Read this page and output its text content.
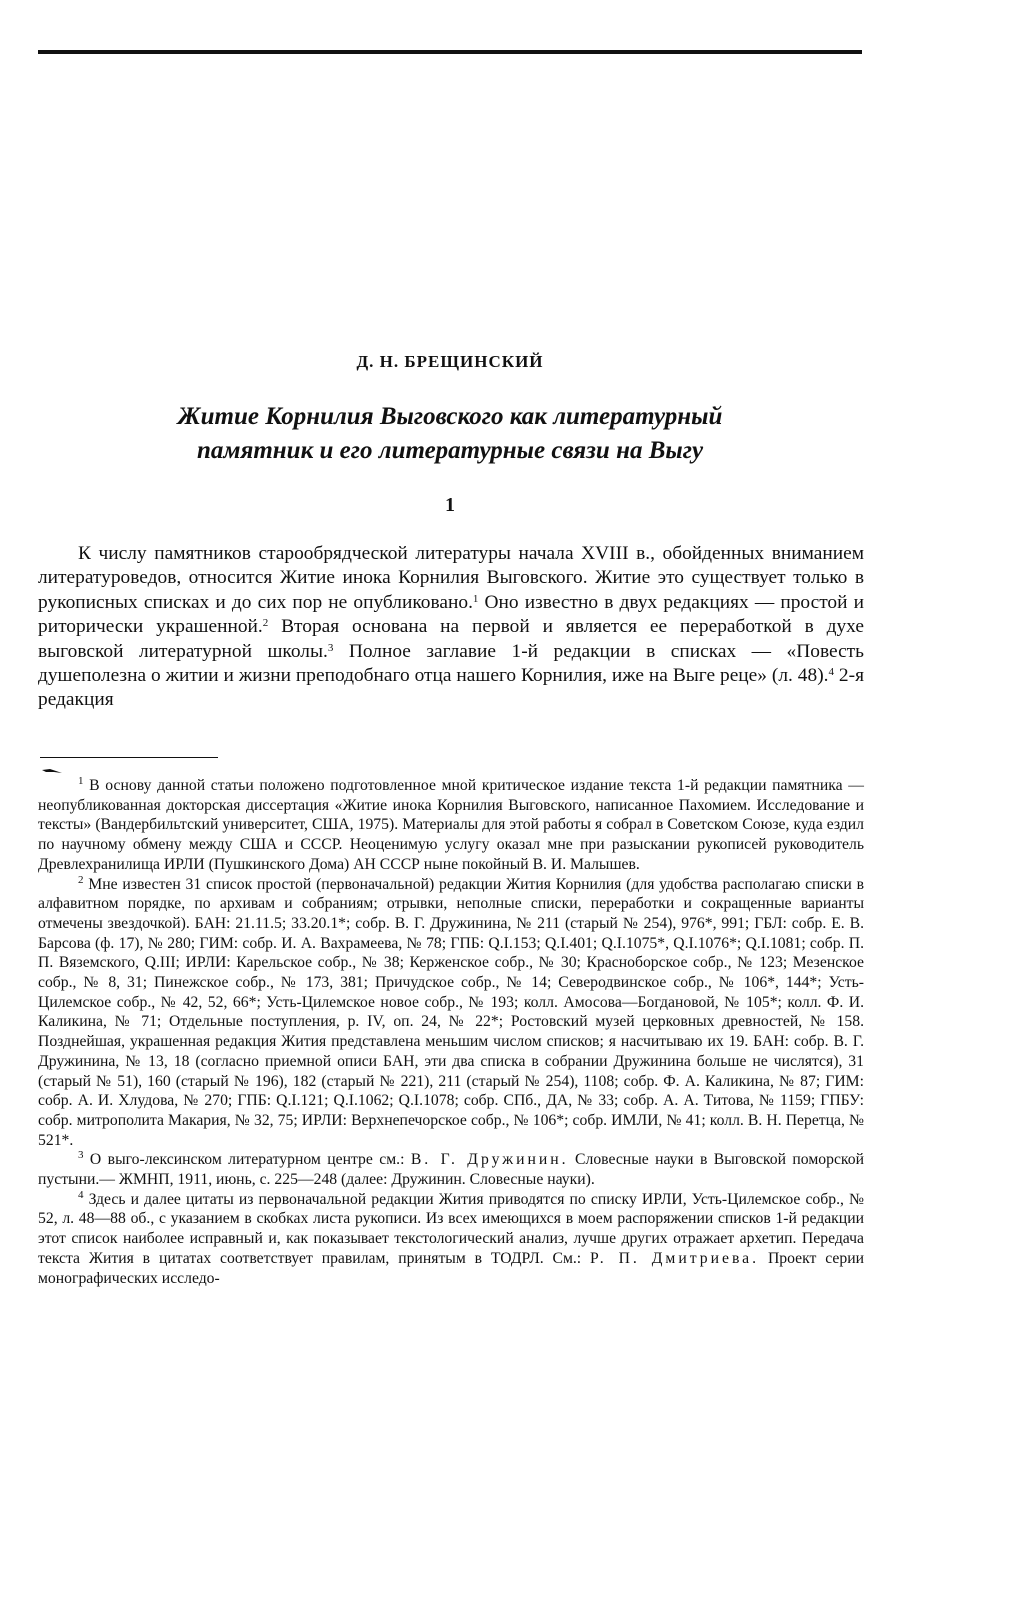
Д. Н. БРЕЩИНСКИЙ
Житие Корнилия Выговского как литературный
памятник и его литературные связи на Выгу
1

К числу памятников старообрядческой литературы начала XVIII в., обойденных вниманием литературоведов, относится Житие инока Корнилия Выговского. Житие это существует только в рукописных списках и до сих пор не опубликовано.$^1$ Оно известно в двух редакциях — простой и риторически украшенной.$^2$ Вторая основана на первой и является ее переработкой в духе выговской литературной школы.$^3$ Полное заглавие 1-й редакции в списках — «Повесть душеполезна о житии и жизни преподобнаго отца нашего Корнилия, иже на Выге реце» (л. 48).$^4$ 2-я редакция

$^1$ В основу данной статьи положено подготовленное мной критическое издание текста 1-й редакции памятника — неопубликованная докторская диссертация «Житие инока Корнилия Выговского, написанное Пахомием. Исследование и тексты» (Вандербильтский университет, США, 1975). Материалы для этой работы я собрал в Советском Союзе, куда ездил по научному обмену между США и СССР. Неоценимую услугу оказал мне при разыскании рукописей руководитель Древлехранилища ИРЛИ (Пушкинского Дома) АН СССР ныне покойный В. И. Малышев.

$^2$ Мне известен 31 список простой (первоначальной) редакции Жития Корнилия (для удобства располагаю списки в алфавитном порядке, по архивам и собраниям; отрывки, неполные списки, переработки и сокращенные варианты отмечены звездочкой). БАН: 21.11.5; 33.20.1*; собр. В. Г. Дружинина, № 211 (старый № 254), 976*, 991; ГБЛ: собр. Е. В. Барсова (ф. 17), № 280; ГИМ: собр. И. А. Вахрамеева, № 78; ГПБ: Q.I.153; Q.I.401; Q.I.1075*, Q.I.1076*; Q.I.1081; собр. П. П. Вяземского, Q.III; ИРЛИ: Карельское собр., № 38; Керженское собр., № 30; Красноборское собр., № 123; Мезенское собр., № 8, 31; Пинежское собр., № 173, 381; Причудское собр., № 14; Северодвинское собр., № 106*, 144*; Усть-Цилемское собр., № 42, 52, 66*; Усть-Цилемское новое собр., № 193; колл. Амосова—Богдановой, № 105*; колл. Ф. И. Каликина, № 71; Отдельные поступления, р. IV, оп. 24, № 22*; Ростовский музей церковных древностей, № 158. Позднейшая, украшенная редакция Жития представлена меньшим числом списков; я насчитываю их 19. БАН: собр. В. Г. Дружинина, № 13, 18 (согласно приемной описи БАН, эти два списка в собрании Дружинина больше не числятся), 31 (старый № 51), 160 (старый № 196), 182 (старый № 221), 211 (старый № 254), 1108; собр. Ф. А. Каликина, № 87; ГИМ: собр. А. И. Хлудова, № 270; ГПБ: Q.I.121; Q.I.1062; Q.I.1078; собр. СПб., ДА, № 33; собр. А. А. Титова, № 1159; ГПБУ: собр. митрополита Макария, № 32, 75; ИРЛИ: Верхнепечорское собр., № 106*; собр. ИМЛИ, № 41; колл. В. Н. Перетца, № 521*.

$^3$ О выго-лексинском литературном центре см.: В. Г. Дружинин. Словесные науки в Выговской поморской пустыни.— ЖМНП, 1911, июнь, с. 225—248 (далее: Дружинин. Словесные науки).

$^4$ Здесь и далее цитаты из первоначальной редакции Жития приводятся по списку ИРЛИ, Усть-Цилемское собр., № 52, л. 48—88 об., с указанием в скобках листа рукописи. Из всех имеющихся в моем распоряжении списков 1-й редакции этот список наиболее исправный и, как показывает текстологический анализ, лучше других отражает архетип. Передача текста Жития в цитатах соответствует правилам, принятым в ТОДРЛ. См.: Р. П. Дмитриева. Проект серии монографических исследо-
